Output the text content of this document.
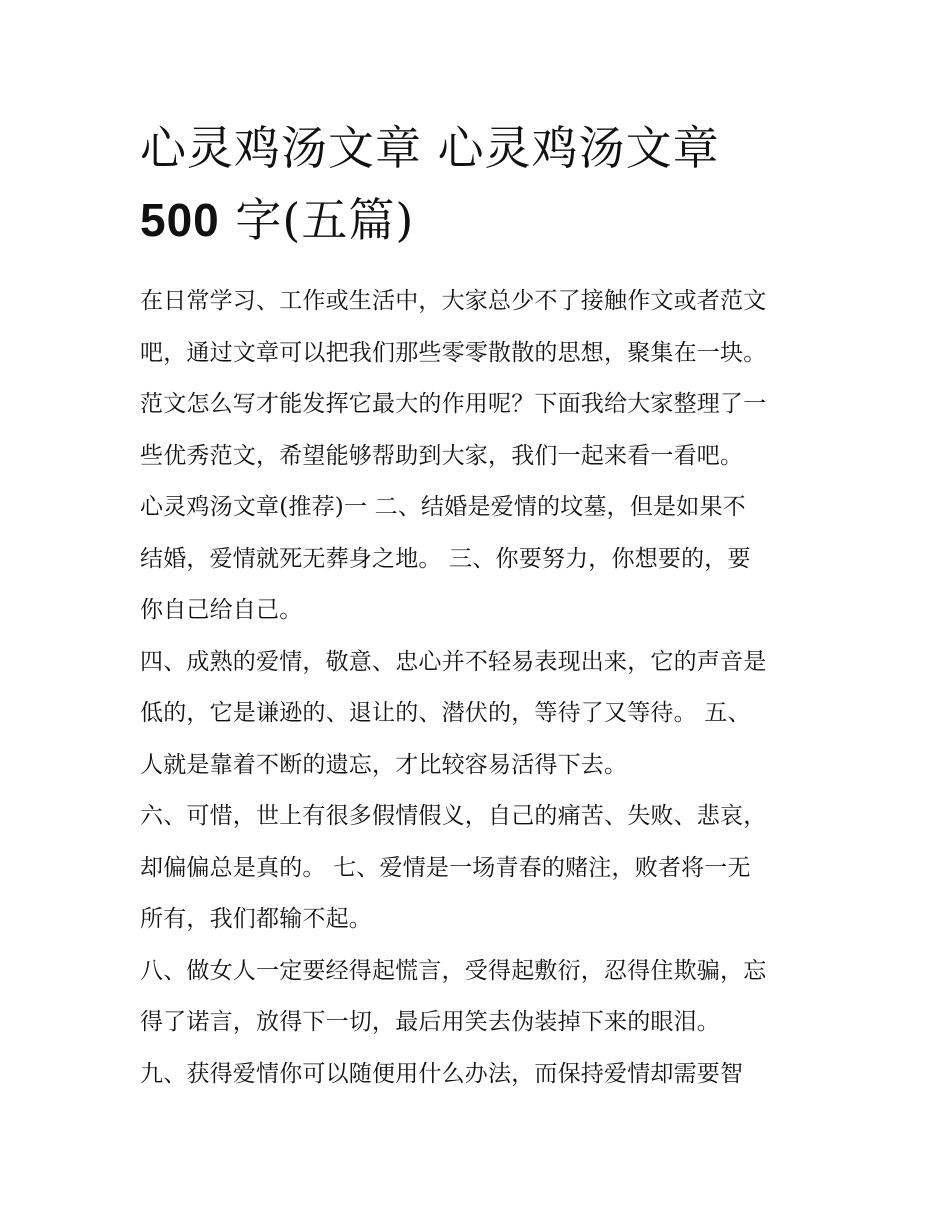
心灵鸡汤文章 心灵鸡汤文章
500 字(五篇)

在日常学习、工作或生活中，大家总少不了接触作文或者范文
吧，通过文章可以把我们那些零零散散的思想，聚集在一块。
范文怎么写才能发挥它最大的作用呢？下面我给大家整理了一
些优秀范文，希望能够帮助到大家，我们一起来看一看吧。

心灵鸡汤文章(推荐)一 二、结婚是爱情的坟墓，但是如果不
结婚，爱情就死无葬身之地。 三、你要努力，你想要的，要
你自己给自己。

四、成熟的爱情，敬意、忠心并不轻易表现出来，它的声音是
低的，它是谦逊的、退让的、潜伏的，等待了又等待。 五、
人就是靠着不断的遗忘，才比较容易活得下去。

六、可惜，世上有很多假情假义，自己的痛苦、失败、悲哀，
却偏偏总是真的。 七、爱情是一场青春的赌注，败者将一无
所有，我们都输不起。

八、做女人一定要经得起慌言，受得起敷衍，忍得住欺骗，忘
得了诺言，放得下一切，最后用笑去伪装掉下来的眼泪。

九、获得爱情你可以随便用什么办法，而保持爱情却需要智
